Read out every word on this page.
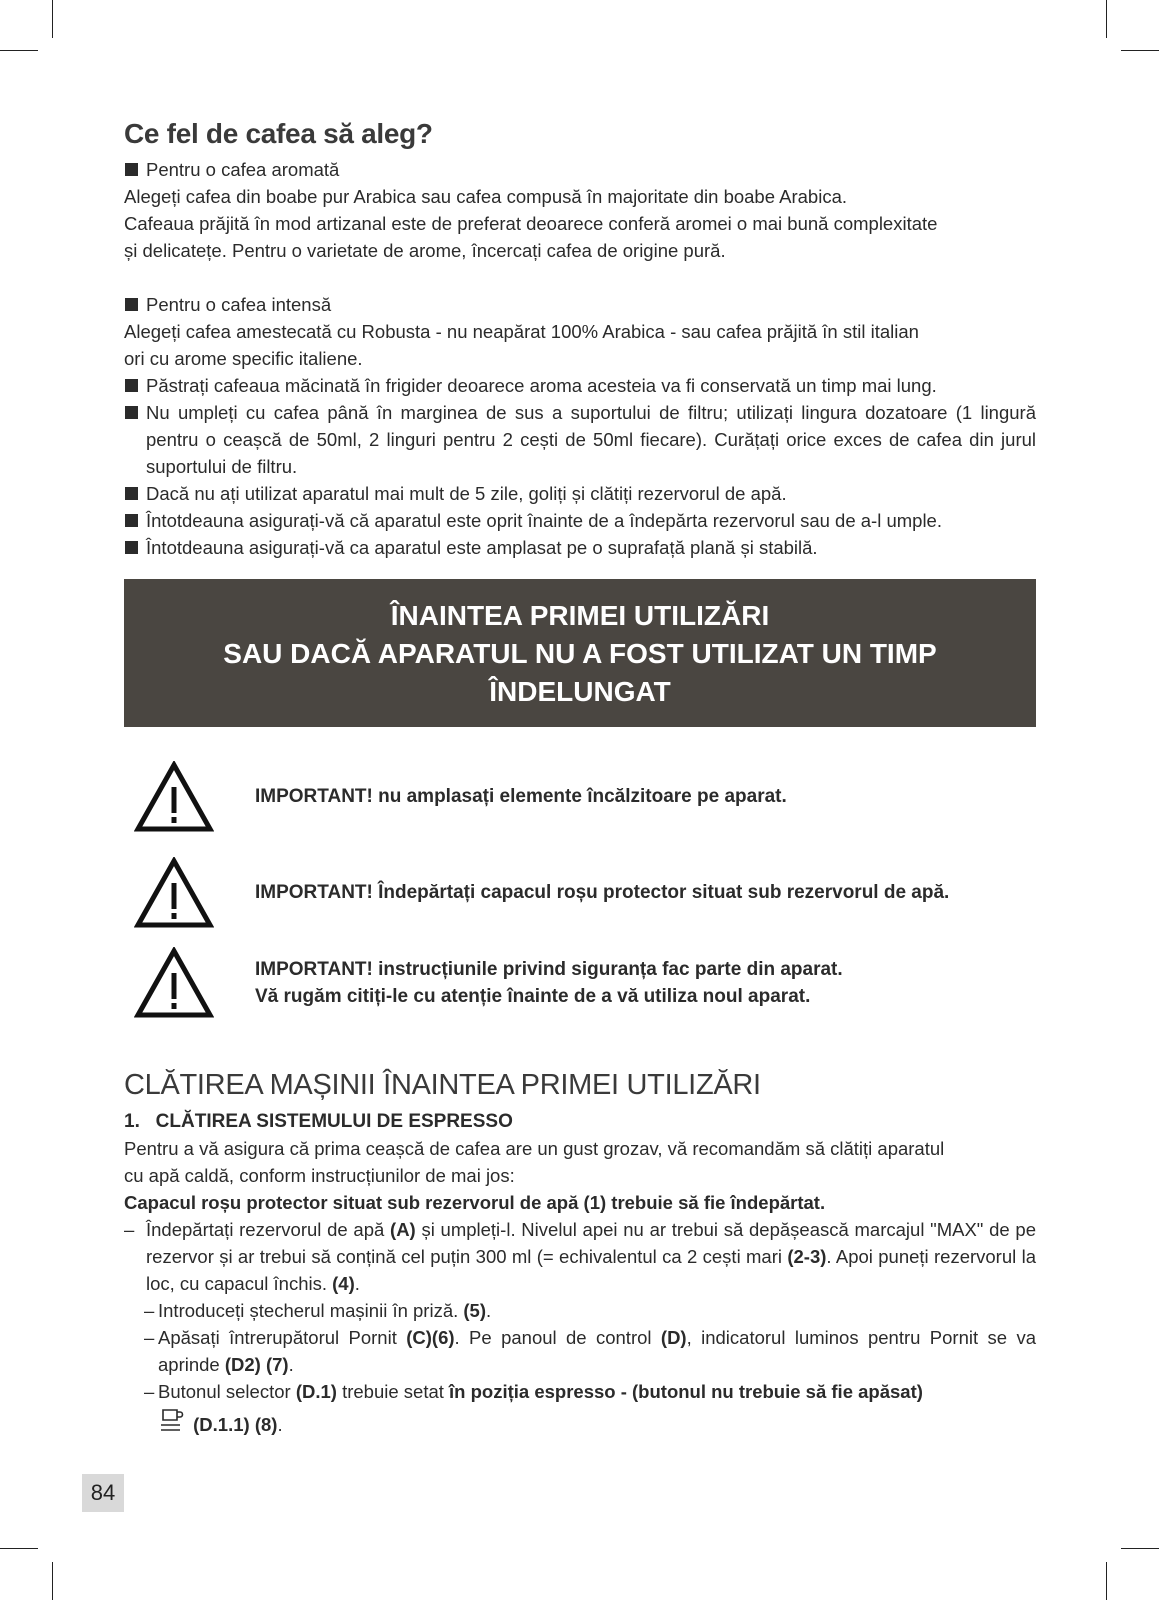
Ce fel de cafea să aleg?
Pentru o cafea aromată

Alegeți cafea din boabe pur Arabica sau cafea compusă în majoritate din boabe Arabica.

Cafeaua prăjită în mod artizanal este de preferat deoarece conferă aromei o mai bună complexitate

și delicatețe. Pentru o varietate de arome, încercați cafea de origine pură.

Pentru o cafea intensă

Alegeți cafea amestecată cu Robusta - nu neapărat 100% Arabica - sau cafea prăjită în stil italian

ori cu arome specific italiene.

Păstrați cafeaua măcinată în frigider deoarece aroma acesteia va fi conservată un timp mai lung.
Nu umpleți cu cafea până în marginea de sus a suportului de filtru; utilizați lingura dozatoare (1 lingură pentru o ceașcă de 50ml, 2 linguri pentru 2 cești de 50ml fiecare). Curățați orice exces de cafea din jurul suportului de filtru.
Dacă nu ați utilizat aparatul mai mult de 5 zile, goliți și clătiți rezervorul de apă.
Întotdeauna asigurați-vă că aparatul este oprit înainte de a îndepărta rezervorul sau de a-l umple.
Întotdeauna asigurați-vă ca aparatul este amplasat pe o suprafață plană și stabilă.
ÎNAINTEA PRIMEI UTILIZĂRI
SAU DACĂ APARATUL NU A FOST UTILIZAT UN TIMP
ÎNDELUNGAT
IMPORTANT! nu amplasați elemente încălzitoare pe aparat.
IMPORTANT! Îndepărtați capacul roșu protector situat sub rezervorul de apă.
IMPORTANT! instrucțiunile privind siguranța fac parte din aparat.
Vă rugăm citiți-le cu atenție înainte de a vă utiliza noul aparat.
CLĂTIREA MAȘINII ÎNAINTEA PRIMEI UTILIZĂRI
1.   CLĂTIREA SISTEMULUI DE ESPRESSO

Pentru a vă asigura că prima ceașcă de cafea are un gust grozav, vă recomandăm să clătiți aparatul

cu apă caldă, conform instrucțiunilor de mai jos:

Capacul roșu protector situat sub rezervorul de apă (1) trebuie să fie îndepărtat.

– Îndepărtați rezervorul de apă (A) și umpleți-l. Nivelul apei nu ar trebui să depășească marcajul "MAX" de pe rezervor și ar trebui să conțină cel puțin 300 ml (= echivalentul ca 2 cești mari (2-3). Apoi puneți rezervorul la loc, cu capacul închis. (4).
– Introduceți ștecherul mașinii în priză. (5).
– Apăsați întrerupătorul Pornit (C)(6). Pe panoul de control (D), indicatorul luminos pentru Pornit se va aprinde (D2) (7).
– Butonul selector (D.1) trebuie setat în poziția espresso - (butonul nu trebuie să fie apăsat)
(D.1.1) (8).
84
